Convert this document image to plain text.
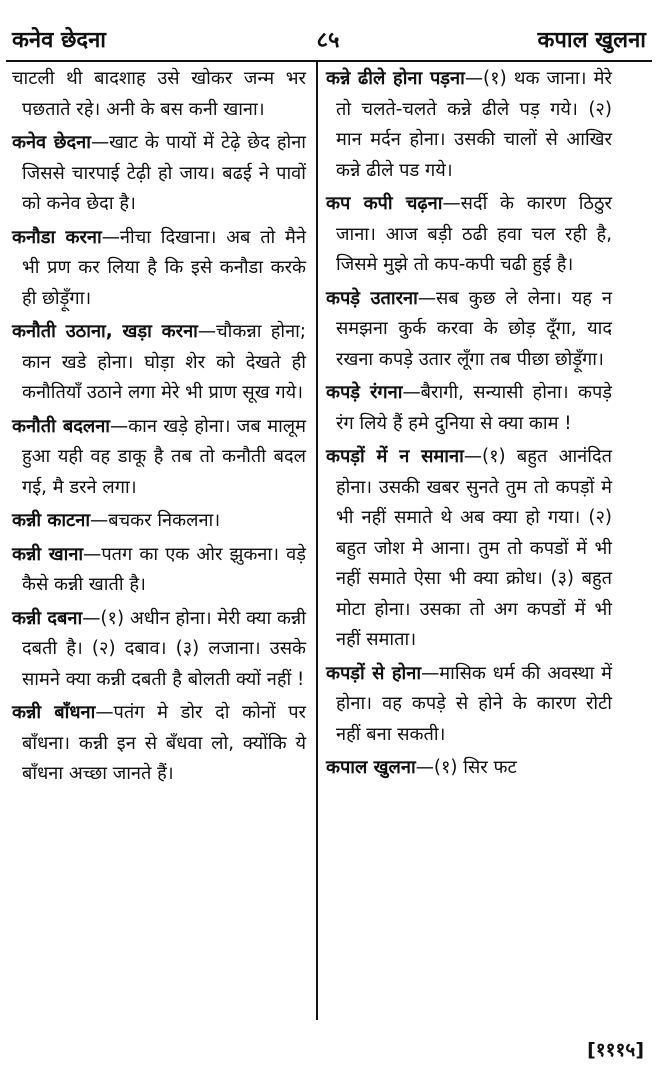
कनेव छेदना	८५	कपाल खुलना

चाटली थी बादशाह उसे खोकर जन्म भर पछताते रहे। अनी के बस कनी खाना।

कनेव छेदना—खाट के पायों में टेढ़े छेद होना जिससे चारपाई टेढ़ी हो जाय। बढई ने पावों को कनेव छेदा है।

कनौडा करना—नीचा दिखाना। अब तो मैने भी प्रण कर लिया है कि इसे कनौडा करके ही छोड़ूँगा।

कनौती उठाना, खड़ा करना—चौकन्ना होना; कान खडे होना। घोड़ा शेर को देखते ही कनौतियाँ उठाने लगा मेरे भी प्राण सूख गये।

कनौती बदलना—कान खड़े होना। जब मालूम हुआ यही वह डाकू है तब तो कनौती बदल गई, मै डरने लगा।

कन्नी काटना—बचकर निकलना।

कन्नी खाना—पतग का एक ओर झुकना। वड़े कैसे कन्नी खाती है।

कन्नी दबना—(१) अधीन होना। मेरी क्या कन्नी दबती है। (२) दबाव। (३) लजाना। उसके सामने क्या कन्नी दबती है बोलती क्यों नहीं !

कन्नी बाँधना—पतंग मे डोर दो कोनों पर बाँधना। कन्नी इन से बँधवा लो, क्योंकि ये बाँधना अच्छा जानते हैं।

कन्ने ढीले होना पड़ना—(१) थक जाना। मेरे तो चलते-चलते कन्ने ढीले पड़ गये। (२) मान मर्दन होना। उसकी चालों से आखिर कन्ने ढीले पड गये।

कप कपी चढ़ना—सर्दी के कारण ठिठुर जाना। आज बड़ी ठढी हवा चल रही है, जिसमे मुझे तो कप-कपी चढी हुई है।

कपड़े उतारना—सब कुछ ले लेना। यह न समझना कुर्क करवा के छोड़ दूँगा, याद रखना कपड़े उतार लूँगा तब पीछा छोड़ूँगा।

कपड़े रंगना—बैरागी, सन्यासी होना। कपड़े रंग लिये हैं हमे दुनिया से क्या काम !

कपड़ों में न समाना—(१) बहुत आनंदित होना। उसकी खबर सुनते तुम तो कपड़ों मे भी नहीं समाते थे अब क्या हो गया। (२) बहुत जोश मे आना। तुम तो कपडों में भी नहीं समाते ऐसा भी क्या क्रोध। (३) बहुत मोटा होना। उसका तो अग कपडों में भी नहीं समाता।

कपड़ों से होना—मासिक धर्म की अवस्था में होना। वह कपड़े से होने के कारण रोटी नहीं बना सकती।

कपाल खुलना—(१) सिर फट

[१११५]
